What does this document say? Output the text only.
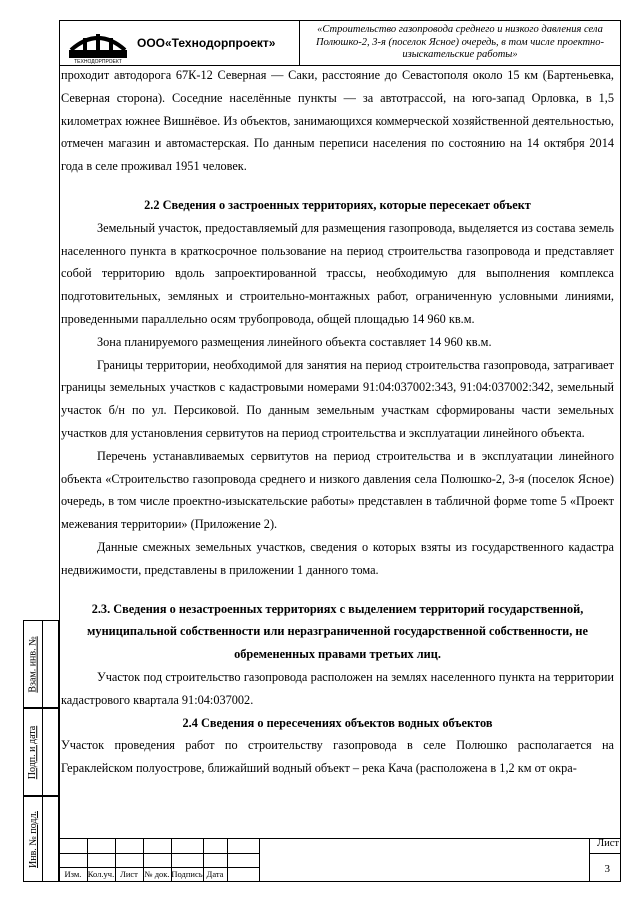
ТЕХНОДОРПРОЕКТ
ООО«Технодорпроект»
«Строительство газопровода среднего и низкого давления села Полюшко-2, 3-я (поселок Ясное) очередь, в том числе проектно-изыскательские работы»

проходит автодорога 67К-12 Северная — Саки, расстояние до Севастополя около 15 км (Бартеньевка, Северная сторона). Соседние населённые пункты — за автотрассой, на юго-запад Орловка, в 1,5 километрах южнее Вишнёвое. Из объектов, занимающихся коммерческой хозяйственной деятельностью, отмечен магазин и автомастерская. По данным переписи населения по состоянию на 14 октября 2014 года в селе проживал 1951 человек.

2.2 Сведения о застроенных территориях, которые пересекает объект

Земельный участок, предоставляемый для размещения газопровода, выделяется из состава земель населенного пункта в краткосрочное пользование на период строительства газопровода и представляет собой территорию вдоль запроектированной трассы, необходимую для выполнения комплекса подготовительных, земляных и строительно-монтажных работ, ограниченную условными линиями, проведенными параллельно осям трубопровода, общей площадью 14 960 кв.м.

Зона планируемого размещения линейного объекта составляет 14 960 кв.м.

Границы территории, необходимой для занятия на период строительства газопровода, затрагивает границы земельных участков с кадастровыми номерами 91:04:037002:343, 91:04:037002:342, земельный участок б/н по ул. Персиковой. По данным земельным участкам сформированы части земельных участков для установления сервитутов на период строительства и эксплуатации линейного объекта.

Перечень устанавливаемых сервитутов на период строительства и в эксплуатации линейного объекта «Строительство газопровода среднего и низкого давления села Полюшко-2, 3-я (поселок Ясное) очередь, в том числе проектно-изыскательские работы» представлен в табличной форме тome 5 «Проект межевания территории» (Приложение 2).

Данные смежных земельных участков, сведения о которых взяты из государственного кадастра недвижимости, представлены в приложении 1 данного тома.

2.3. Сведения о незастроенных территориях с выделением территорий государственной, муниципальной собственности или неразграниченной государственной собственности, не обремененных правами третьих лиц.

Участок под строительство газопровода расположен на землях населенного пункта на территории кадастрового квартала 91:04:037002.

2.4 Сведения о пересечениях объектов водных объектов

Участок проведения работ по строительству газопровода в селе Полюшко располагается на Гераклейском полуострове, ближайший водный объект – река Кача (расположена в 1,2 км от окра-

Взам. инв. №
Подп. и дата
Инв. № подл.
Изм. Кол.уч. Лист № док. Подпись Дата
Лист
3
